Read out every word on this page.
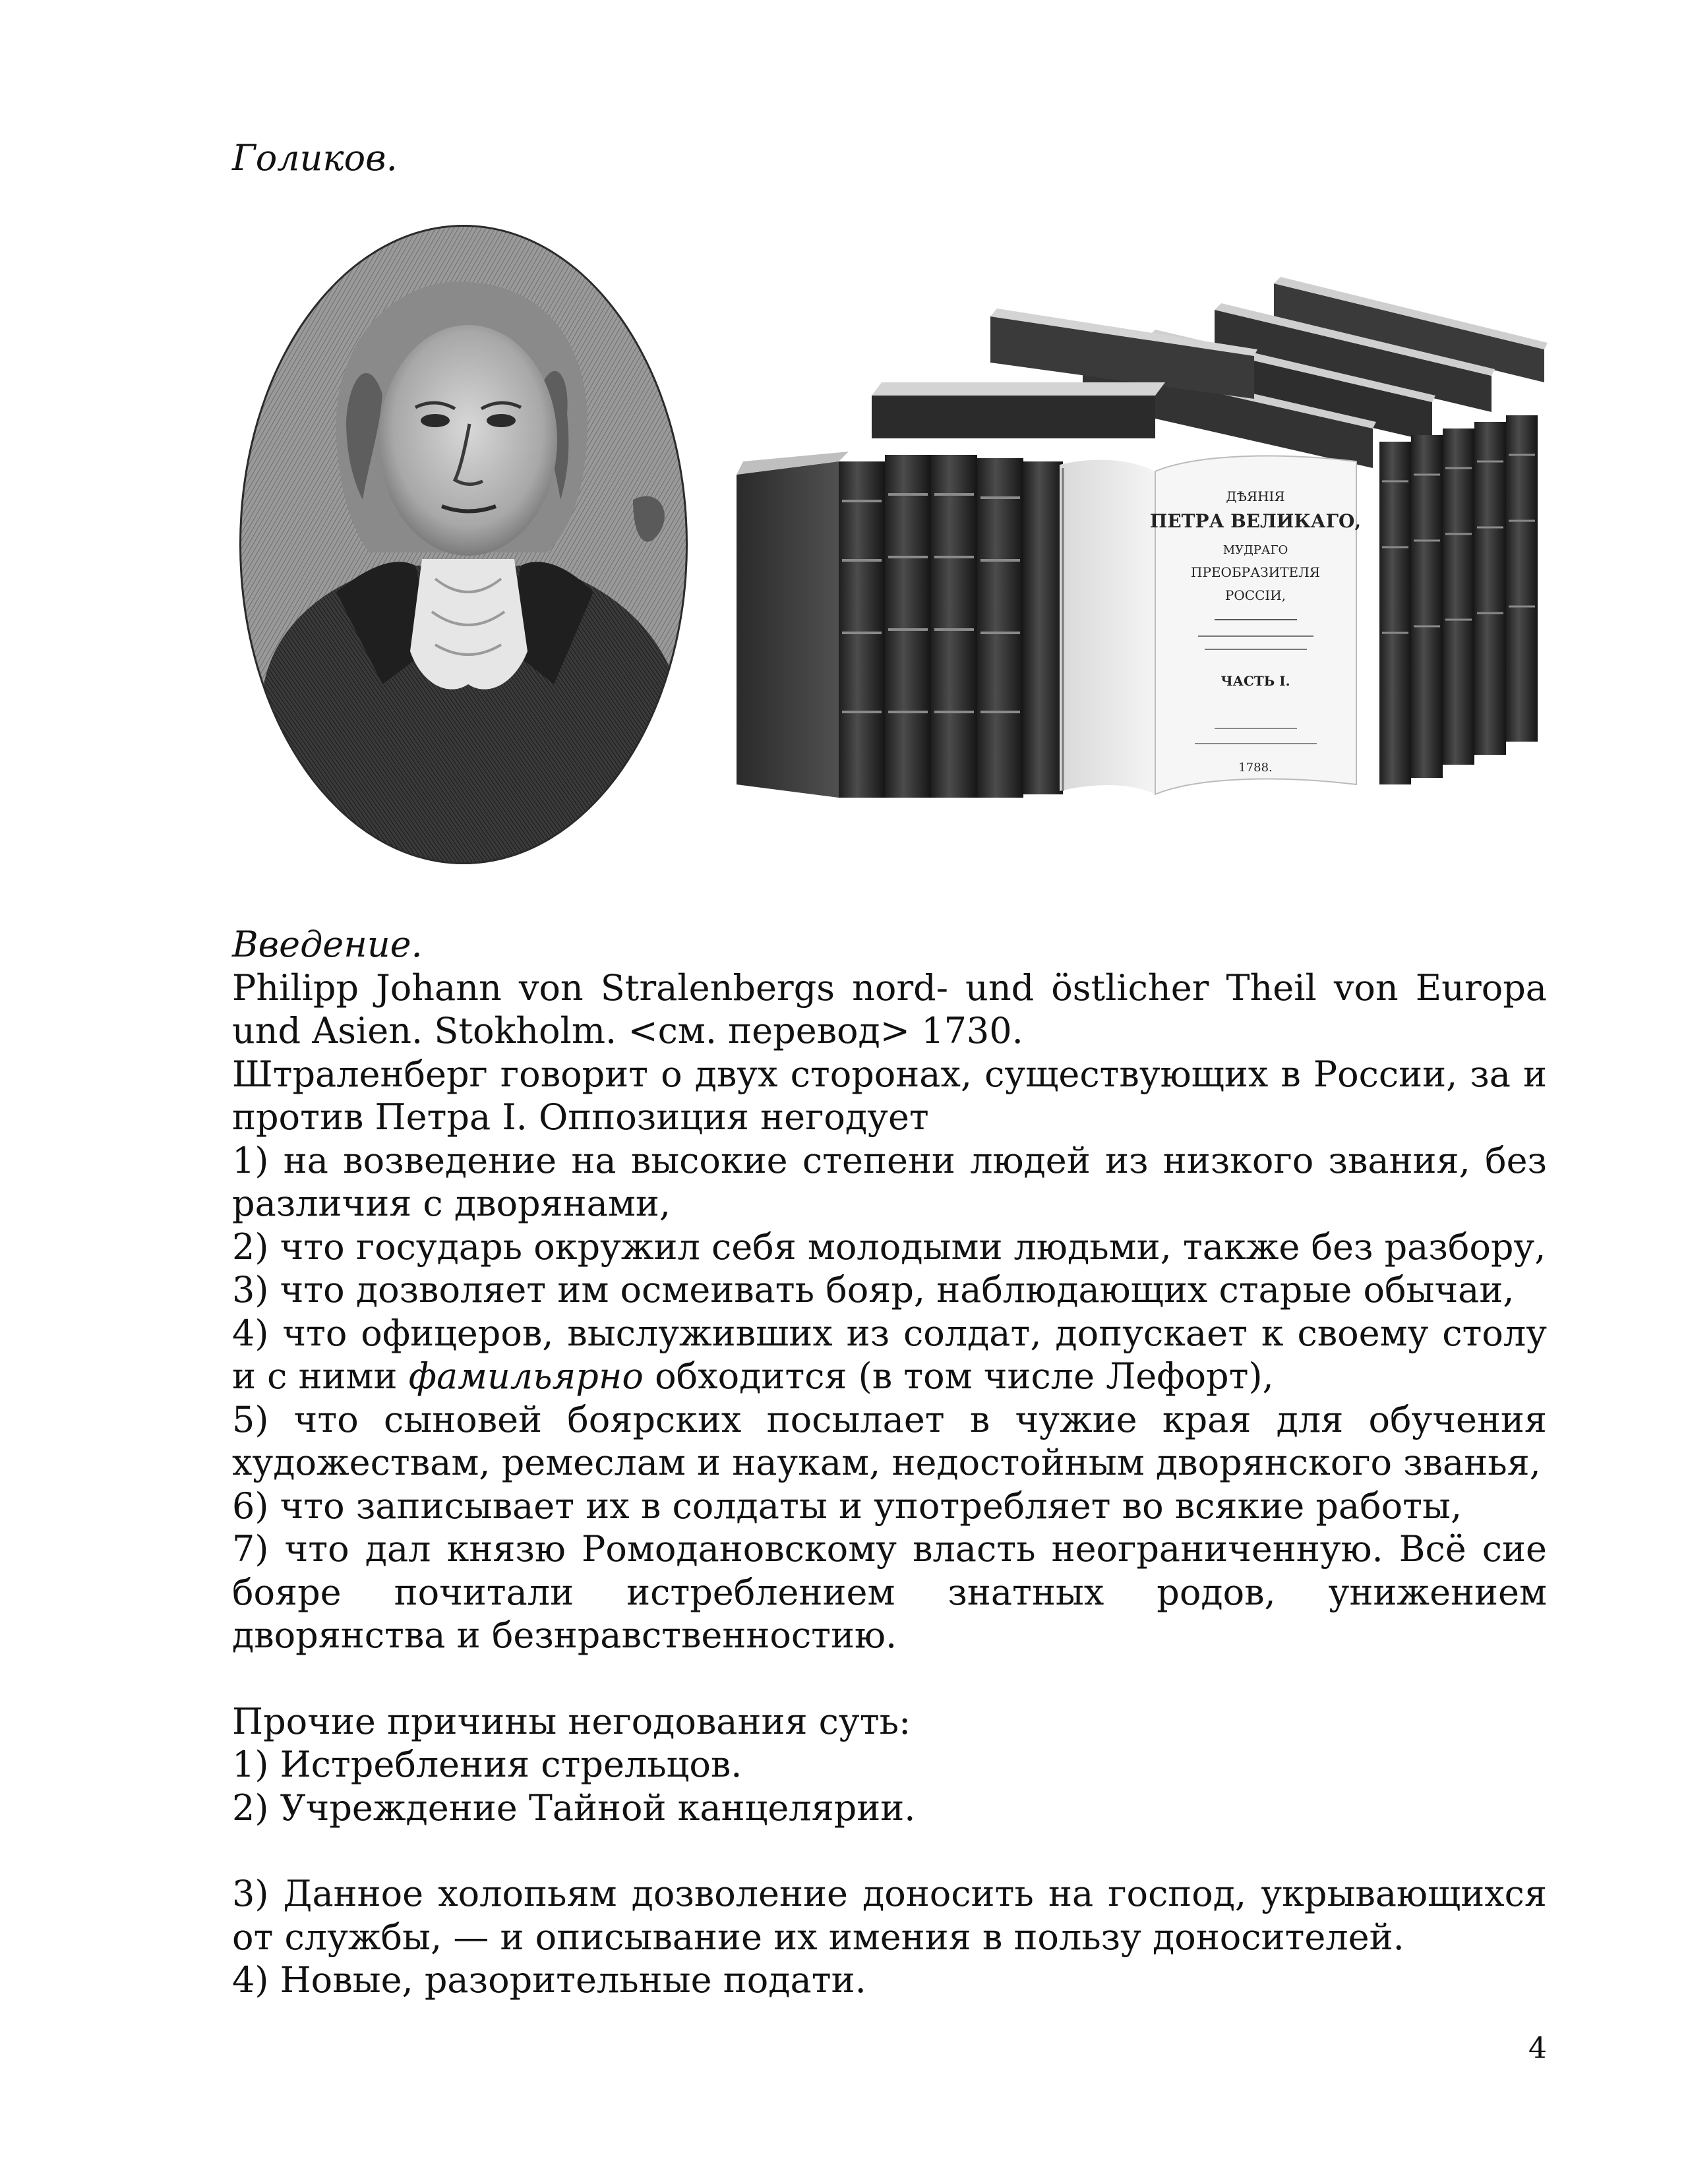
Голиков.
ДѢЯНІЯ
ПЕТРА ВЕЛИКАГО,
МУДРАГО
ПРЕОБРАЗИТЕЛЯ
РОССІИ,
ЧАСТЬ I.
1788.

Введение.

Philipp Johann von Stralenbergs nord- und östlicher Theil von Europa und Asien. Stokholm. <см. перевод> 1730.

Штраленберг говорит о двух сторонах, существующих в России, за и против Петра I. Оппозиция негодует

1) на возведение на высокие степени людей из низкого звания, без различия с дворянами,

2) что государь окружил себя молодыми людьми, также без разбору,

3) что дозволяет им осмеивать бояр, наблюдающих старые обычаи,

4) что офицеров, выслуживших из солдат, допускает к своему столу и с ними фамильярно обходится (в том числе Лефорт),

5) что сыновей боярских посылает в чужие края для обучения художествам, ремеслам и наукам, недостойным дворянского званья,

6) что записывает их в солдаты и употребляет во всякие работы,

7) что дал князю Ромодановскому власть неограниченную. Всё сие бояре почитали истреблением знатных родов, унижением дворянства и безнравственностию.

Прочие причины негодования суть:

1) Истребления стрельцов.

2) Учреждение Тайной канцелярии.

3) Данное холопьям дозволение доносить на господ, укрывающихся от службы, — и описывание их имения в пользу доносителей.

4) Новые, разорительные подати.

4
